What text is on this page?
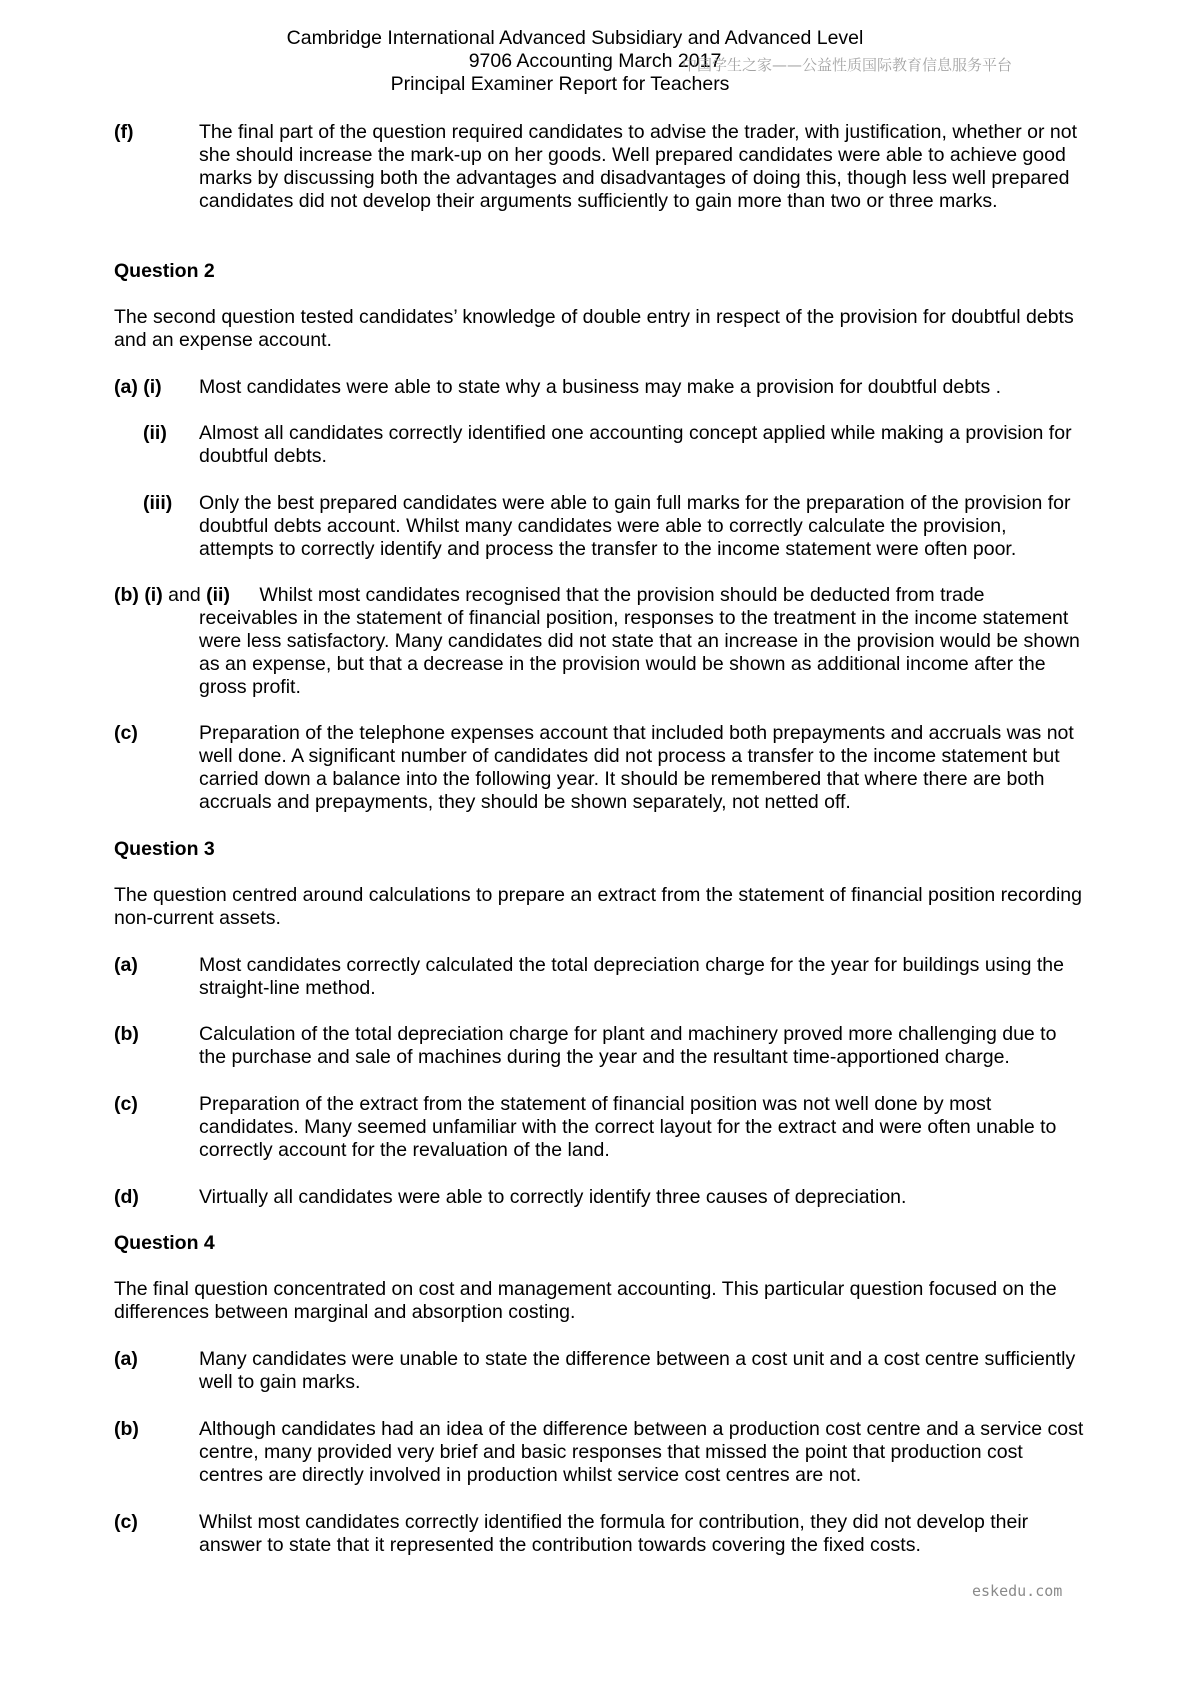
Cambridge International Advanced Subsidiary and Advanced Level
9706 Accounting March 2017
Principal Examiner Report for Teachers
中国学生之家——公益性质国际教育信息服务平台
(f)	The final part of the question required candidates to advise the trader, with justification, whether or not she should increase the mark-up on her goods. Well prepared candidates were able to achieve good marks by discussing both the advantages and disadvantages of doing this, though less well prepared candidates did not develop their arguments sufficiently to gain more than two or three marks.
Question 2
The second question tested candidates’ knowledge of double entry in respect of the provision for doubtful debts and an expense account.
(a) (i) Most candidates were able to state why a business may make a provision for doubtful debts .
(ii) Almost all candidates correctly identified one accounting concept applied while making a provision for doubtful debts.
(iii) Only the best prepared candidates were able to gain full marks for the preparation of the provision for doubtful debts account. Whilst many candidates were able to correctly calculate the provision, attempts to correctly identify and process the transfer to the income statement were often poor.
(b) (i) and (ii) Whilst most candidates recognised that the provision should be deducted from trade
receivables in the statement of financial position, responses to the treatment in the income statement were less satisfactory. Many candidates did not state that an increase in the provision would be shown as an expense, but that a decrease in the provision would be shown as additional income after the gross profit.
(c)	Preparation of the telephone expenses account that included both prepayments and accruals was not well done. A significant number of candidates did not process a transfer to the income statement but carried down a balance into the following year. It should be remembered that where there are both accruals and prepayments, they should be shown separately, not netted off.
Question 3
The question centred around calculations to prepare an extract from the statement of financial position recording non-current assets.
(a)	Most candidates correctly calculated the total depreciation charge for the year for buildings using the straight-line method.
(b)	Calculation of the total depreciation charge for plant and machinery proved more challenging due to the purchase and sale of machines during the year and the resultant time-apportioned charge.
(c)	Preparation of the extract from the statement of financial position was not well done by most candidates. Many seemed unfamiliar with the correct layout for the extract and were often unable to correctly account for the revaluation of the land.
(d)	Virtually all candidates were able to correctly identify three causes of depreciation.
Question 4
The final question concentrated on cost and management accounting. This particular question focused on the differences between marginal and absorption costing.
(a)	Many candidates were unable to state the difference between a cost unit and a cost centre sufficiently well to gain marks.
(b)	Although candidates had an idea of the difference between a production cost centre and a service cost centre, many provided very brief and basic responses that missed the point that production cost centres are directly involved in production whilst service cost centres are not.
(c)	Whilst most candidates correctly identified the formula for contribution, they did not develop their answer to state that it represented the contribution towards covering the fixed costs.
eskedu.com
